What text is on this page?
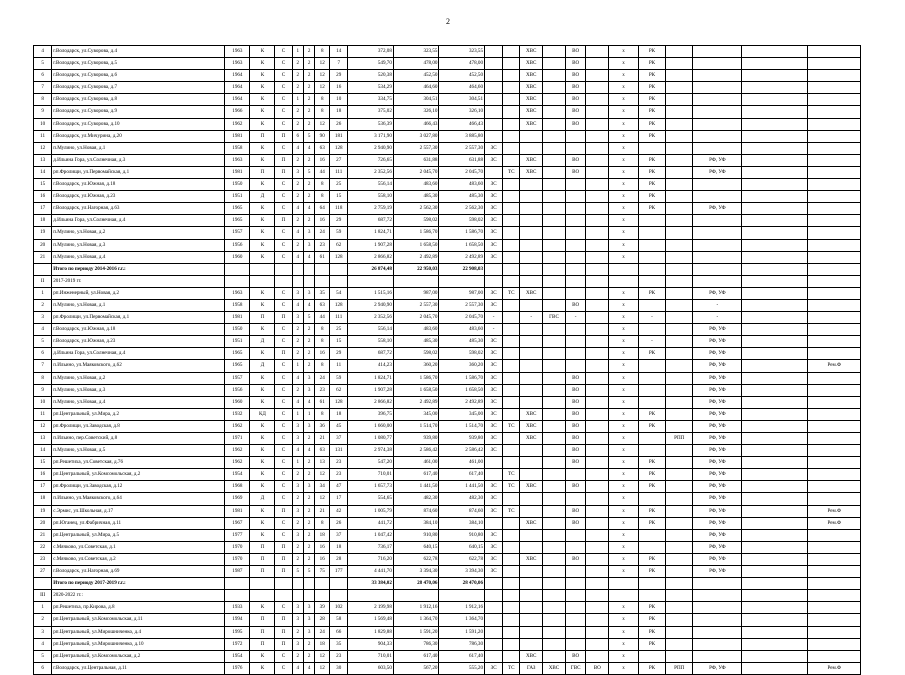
2
4	г.Володарск, ул.Суворова, д.4	1963	К	С	1	2	8	14	372,08	323,55	323,55			ХВС		ВО		х	РК				
5	г.Володарск, ул.Суворова, д.5	1963	К	С	2	2	12	7	549,70	478,00	478,00			ХВС		ВО		х	РК				
6	г.Володарск, ул.Суворова, д.6	1964	К	С	2	2	12	29	520,38	452,50	452,50			ХВС		ВО		х	РК				
7	г.Володарск, ул.Суворова, д.7	1964	К	С	2	2	12	16	534,29	464,60	464,60			ХВС		ВО		х	РК				
8	г.Володарск, ул.Суворова, д.8	1964	К	С	1	2	8	10	334,75	304,51	304,51			ХВС		ВО		х	РК				
9	г.Володарск, ул.Суворова, д.9	1966	К	С	2	2	8	18	375,02	326,10	326,10			ХВС		ВО		х	РК				
10	г.Володарск, ул.Суворова, д.10	1962	К	С	2	2	12	26	536,39	466,43	466,43			ХВС		ВО		х	РК				
11	г.Володарск, ул.Мичурина, д.20	1981	П	П	6	5	90	181	3 171,90	3 027,80	3 885,80							х	РК				
12	п.Мулино, ул.Новая, д.1	1958	К	С	4	4	63	128	2 940,90	2 557,30	2 557,30	ЗС						х					
13	д.Ильина Гора, ул.Солнечная, д.3	1963	К	П	2	2	16	27	726,65	631,88	631,88	ЗС		ХВС		ВО		х	РК		РФ, УФ		
14	рп.Фролищи, ул.Первомайская, д.1	1981	П	П	3	5	44	111	2 352,56	2 045,70	2 045,70		ТС	ХВС		ВО		х	РК		РФ, УФ		
15	г.Володарск, ул.Южная, д.18	1950	К	С	2	2	8	25	556,14	483,60	483,60	ЗС						х	РК				
16	г.Володарск, ул.Южная, д.23	1951	Д	С	2	2	8	15	558,10	485,30	485,30	ЗС						х	РК				
17	г.Володарск, ул.Нагорная, д.63	1965	К	С	4	4	64	118	2 759,19	2 562,30	2 562,30	ЗС						х	РК		РФ, УФ		
18	д.Ильина Гора, ул.Солнечная, д.4	1965	К	П	2	2	16	29	687,72	598,02	598,02	ЗС						х					
19	п.Мулино, ул.Новая, д.2	1957	К	С	4	3	24	59	1 824,71	1 586,70	1 586,70	ЗС						х					
20	п.Мулино, ул.Новая, д.3	1956	К	С	2	3	23	62	1 907,28	1 658,50	1 658,50	ЗС						х					
21	п.Мулино, ул.Новая, д.4	1960	К	С	4	4	61	128	2 866,82	2 492,89	2 492,89	ЗС						х					
	Итого по периоду 2014-2016 г.г.:								26 874,48	22 950,03	22 908,03												
II	2017-2019 гг.																						
1	рп.Инженерный, ул.Новая, д.2	1963	К	С	3	3	35	54	1 515,16	987,00	987,00	ЗС	ТС	ХВС				х	РК		РФ, УФ		
2	п.Мулино, ул.Новая, д.1	1958	К	С	4	4	63	128	2 940,90	2 557,30	2 557,30	ЗС				ВО		х			-		
3	рп.Фролищи, ул.Первомайская, д.1	1981	П	П	3	5	44	111	2 352,56	2 045,70	2 045,70	-		-	ГВС	-		х	-		-		
4	г.Володарск, ул.Южная, д.18	1950	К	С	2	2	8	25	556,14	483,60	483,60	-						х			РФ, УФ		
5	г.Володарск, ул.Южная, д.23	1951	Д	С	2	2	8	15	558,10	485,30	485,30	ЗС						х	-		РФ, УФ		
6	д.Ильина Гора, ул.Солнечная, д.4	1965	К	П	2	2	16	29	687,72	598,02	598,02	ЗС						х	РК		РФ, УФ		
7	п.Ильино, ул.Маяковского, д.62	1965	Д	С	1	2	8	11	414,23	360,20	360,20	ЗС						х			РФ, УФ		Рем.Ф
8	п.Мулино, ул.Новая, д.2	1957	К	С	4	3	24	59	1 824,71	1 586,70	1 586,70	ЗС				ВО		х			РФ, УФ		
9	п.Мулино, ул.Новая, д.3	1956	К	С	2	3	23	62	1 907,28	1 658,50	1 658,50	ЗС				ВО		х			РФ, УФ		
10	п.Мулино, ул.Новая, д.4	1960	К	С	4	4	61	128	2 866,82	2 492,89	2 492,89	ЗС				ВО		х			РФ, УФ		
11	рп.Центральный, ул.Мира, д.2	1932	КД	С	1	1	8	18	396,75	345,00	345,00	ЗС		ХВС		ВО		х	РК		РФ, УФ		
12	рп.Фролищи, ул.Заводская, д.8	1962	К	С	3	3	36	45	1 660,00	1 514,70	1 514,70	ЗС	ТС	ХВС		ВО		х	РК		РФ, УФ		
13	п.Ильино, пер.Советский, д.8	1971	К	С	3	2	21	37	1 080,77	939,80	939,80	ЗС		ХВС		ВО		х		РПП	РФ, УФ		
14	п.Мулино, ул.Новая, д.5	1962	К	С	4	4	63	131	2 974,38	2 586,42	2 586,42	ЗС				ВО		х			РФ, УФ		
15	рп.Решетиха, ул.Советская, д.76	1962	К	С	1	2	13	23	547,20	461,00	461,00					ВО		х	РК		РФ, УФ		
16	рп.Центральный, ул.Комсомольская, д.2	1954	К	С	2	2	12	23	710,01	617,40	617,40		ТС					х	РК		РФ, УФ		
17	рп.Фролищи, ул.Заводская, д.12	1968	К	С	3	3	34	47	1 657,73	1 441,50	1 441,50	ЗС	ТС	ХВС		ВО		х	РК		РФ, УФ		
18	п.Ильино, ул.Маяковского, д.64	1969	Д	С	2	2	12	17	554,65	482,30	482,30	ЗС						х			РФ, УФ		
19	с.Эрмис, ул.Школьная, д.17	1981	К	П	3	2	21	42	1 005,79	874,60	874,60	ЗС	ТС			ВО		х	РК		РФ, УФ		Рем.Ф
20	рп.Юганец, ул.Фабричная, д.11	1967	К	С	2	2	8	26	441,72	384,10	384,10			ХВС		ВО		х	РК		РФ, УФ		Рем.Ф
21	рп.Центральный, ул.Мира, д.5	1977	К	С	3	2	18	37	1 047,42	910,80	910,80	ЗС						х			РФ, УФ		
22	с.Мячково, ул.Советская, д.1	1970	П	П	2	2	16	18	736,17	640,15	640,15	ЗС						х			РФ, УФ		
23	с.Мячково, ул.Советская, д.2	1970	П	П	2	2	16	28	716,20	622,78	622,78	ЗС		ХВС		ВО		х	РК		РФ, УФ		
27	г.Володарск, ул.Нагорная, д.69	1987	П	П	5	5	75	177	4 441,70	3 394,30	3 394,30	ЗС						х	РК		РФ, УФ		
	Итого по периоду 2017-2019 г.г.:								33 384,02	28 470,06	28 470,06												
III	2020-2022 гг.:																						
1	рп.Решетиха, пр.Кирова, д.8	1933	К	С	3	3	39	102	2 199,98	1 912,16	1 912,16							х	РК				
2	рп.Центральный, ул.Комсомольская, д.11	1994	П	П	3	3	28	58	1 569,48	1 364,70	1 364,70							х	РК				
3	рп.Центральный, ул.Мирошниченко, д.4	1995	П	П	2	3	24	66	1 829,88	1 591,20	1 591,20							х	РК				
4	рп.Центральный, ул.Мирошниченко, д.10	1972	П	П	3	2	18	35	904,33	786,30	786,30							х	РК				
5	рп.Центральный, ул.Комсомольская, д.2	1954	К	С	2	2	12	23	710,01	617,40	617,40			ХВС		ВО		х					
6	г.Володарск, ул.Центральная, д.11	1976	К	С	4	4	12	30	603,50	567,20	555,20	ЗС	ТС	ГАЗ	ХВС	ГВС	ВО	х	РК	РПП	РФ, УФ		Рем.Ф
